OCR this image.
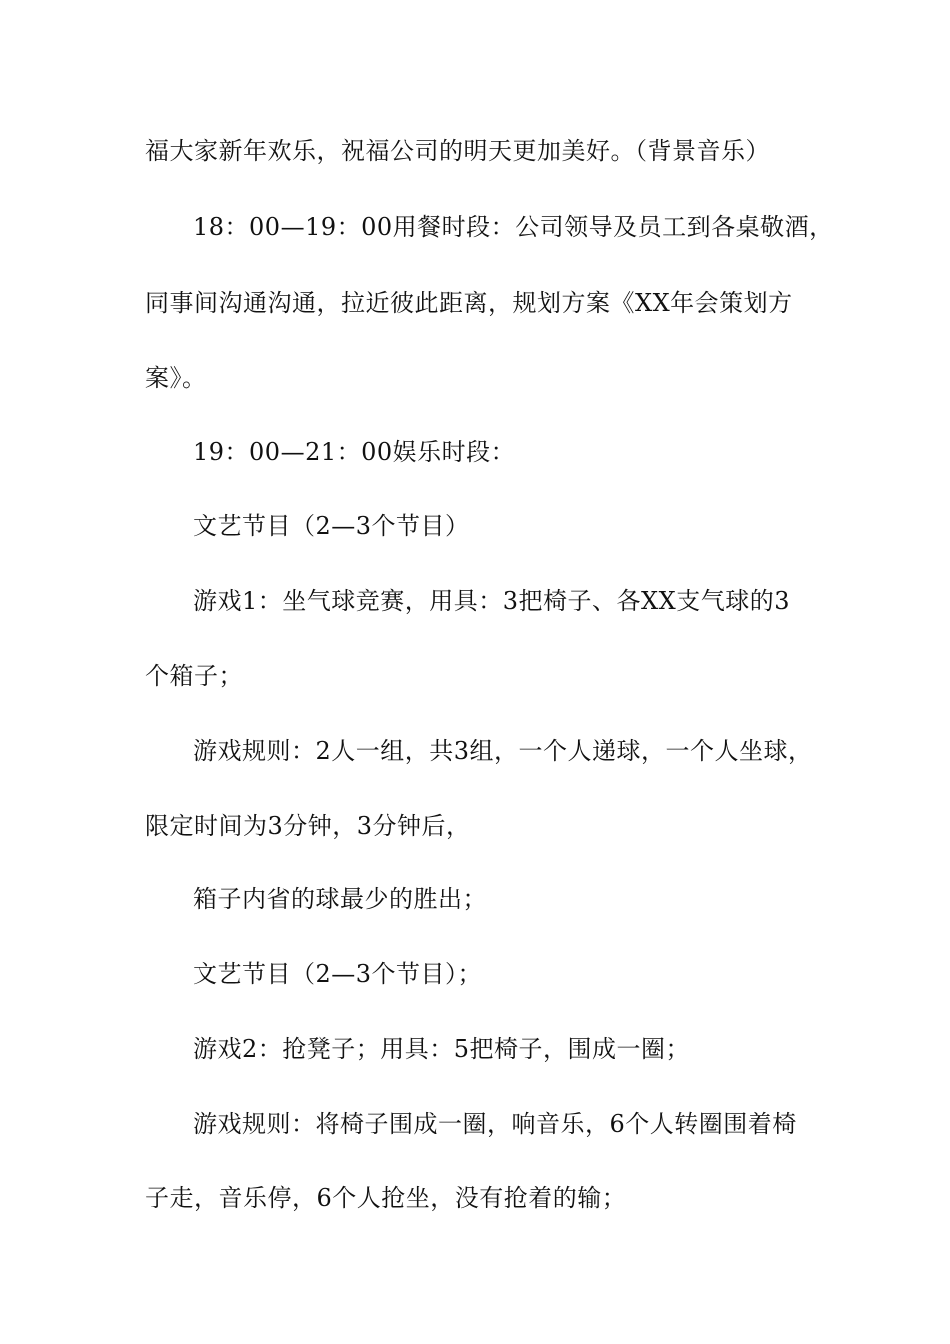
福大家新年欢乐，祝福公司的明天更加美好。（背景音乐）
18：00—19：00用餐时段：公司领导及员工到各桌敬酒，
同事间沟通沟通，拉近彼此距离，规划方案《XX年会策划方
案》。
19：00—21：00娱乐时段：
文艺节目（2—3个节目）
游戏1：坐气球竞赛，用具：3把椅子、各XX支气球的3
个箱子；
游戏规则：2人一组，共3组，一个人递球，一个人坐球，
限定时间为3分钟，3分钟后，
箱子内省的球最少的胜出；
文艺节目（2—3个节目）；
游戏2：抢凳子；用具：5把椅子，围成一圈；
游戏规则：将椅子围成一圈，响音乐，6个人转圈围着椅
子走，音乐停，6个人抢坐，没有抢着的输；
